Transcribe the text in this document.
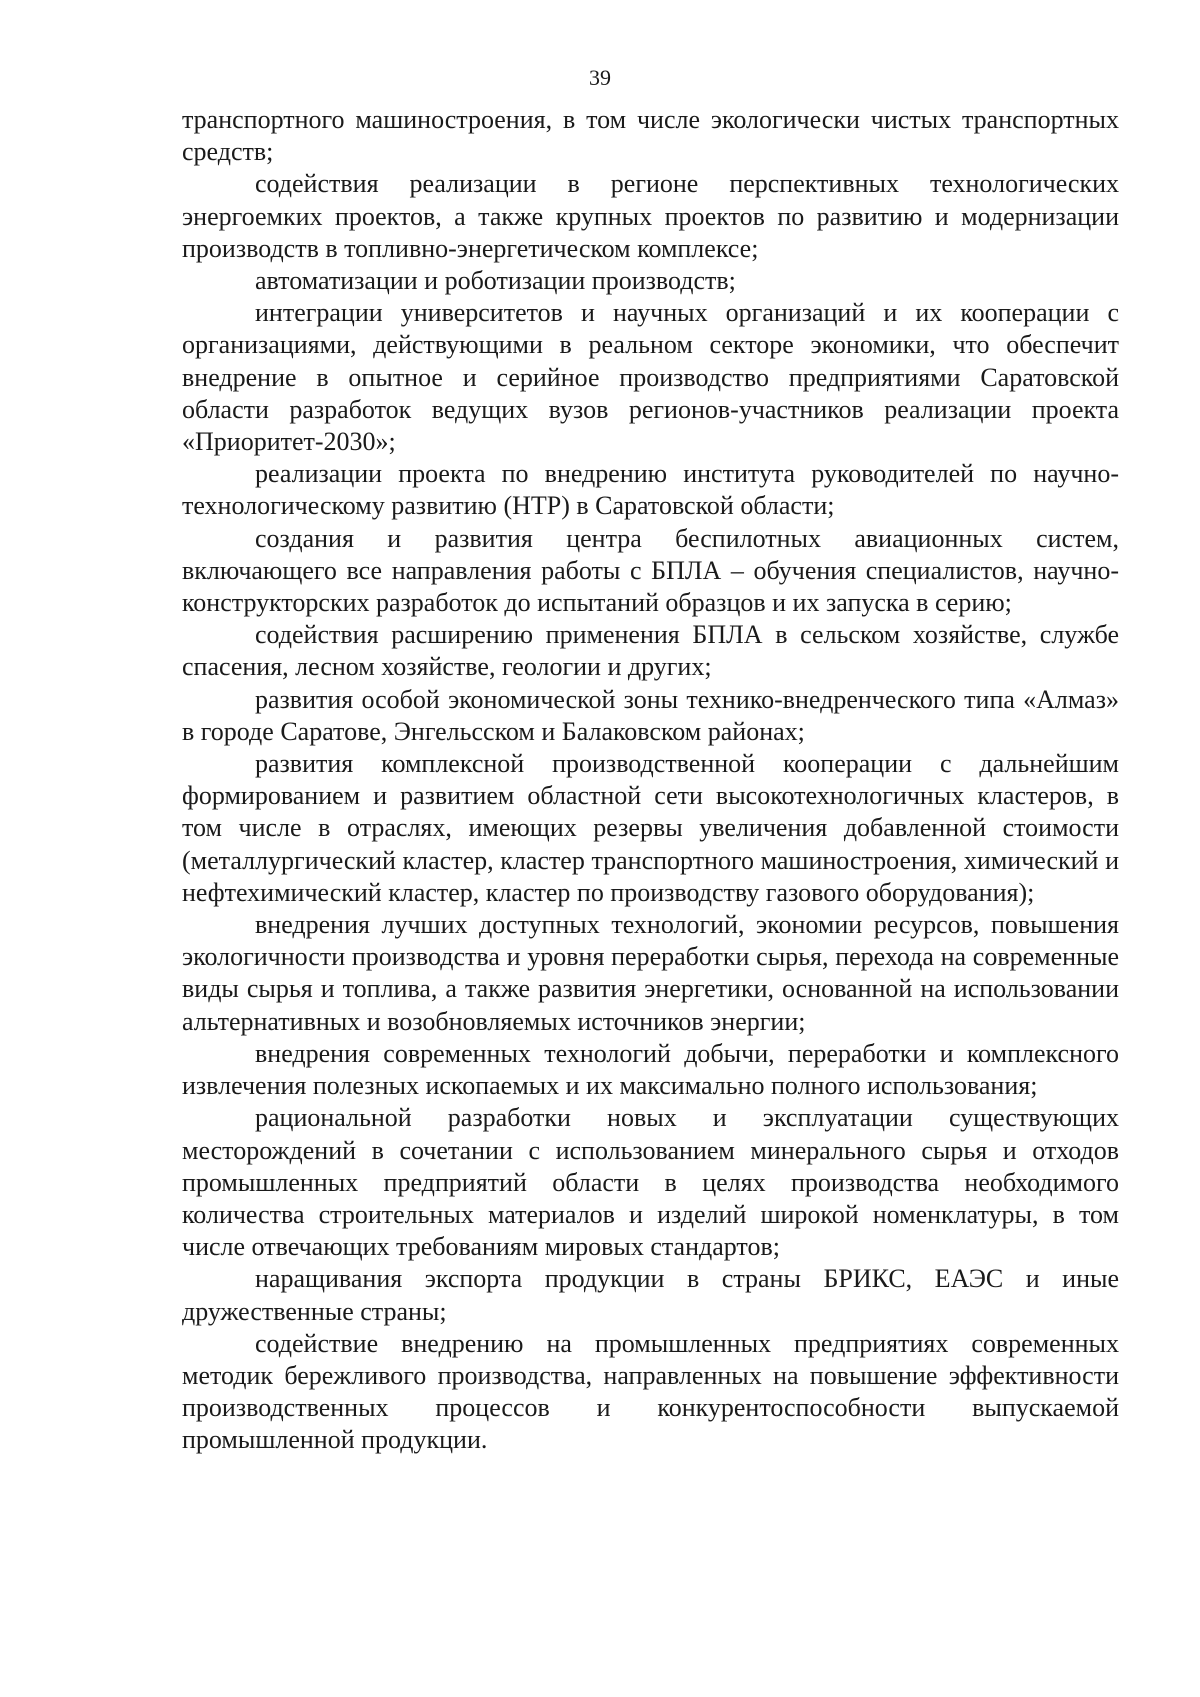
39

транспортного машиностроения, в том числе экологически чистых транспортных средств;

содействия реализации в регионе перспективных технологических энергоемких проектов, а также крупных проектов по развитию и модернизации производств в топливно-энергетическом комплексе;

автоматизации и роботизации производств;

интеграции университетов и научных организаций и их кооперации с организациями, действующими в реальном секторе экономики, что обеспечит внедрение в опытное и серийное производство предприятиями Саратовской области разработок ведущих вузов регионов-участников реализации проекта «Приоритет-2030»;

реализации проекта по внедрению института руководителей по научно-технологическому развитию (НТР) в Саратовской области;

создания и развития центра беспилотных авиационных систем, включающего все направления работы с БПЛА – обучения специалистов, научно-конструкторских разработок до испытаний образцов и их запуска в серию;

содействия расширению применения БПЛА в сельском хозяйстве, службе спасения, лесном хозяйстве, геологии и других;

развития особой экономической зоны технико-внедренческого типа «Алмаз» в городе Саратове, Энгельсском и Балаковском районах;

развития комплексной производственной кооперации с дальнейшим формированием и развитием областной сети высокотехнологичных кластеров, в том числе в отраслях, имеющих резервы увеличения добавленной стоимости (металлургический кластер, кластер транспортного машиностроения, химический и нефтехимический кластер, кластер по производству газового оборудования);

внедрения лучших доступных технологий, экономии ресурсов, повышения экологичности производства и уровня переработки сырья, перехода на современные виды сырья и топлива, а также развития энергетики, основанной на использовании альтернативных и возобновляемых источников энергии;

внедрения современных технологий добычи, переработки и комплексного извлечения полезных ископаемых и их максимально полного использования;

рациональной разработки новых и эксплуатации существующих месторождений в сочетании с использованием минерального сырья и отходов промышленных предприятий области в целях производства необходимого количества строительных материалов и изделий широкой номенклатуры, в том числе отвечающих требованиям мировых стандартов;

наращивания экспорта продукции в страны БРИКС, ЕАЭС и иные дружественные страны;

содействие внедрению на промышленных предприятиях современных методик бережливого производства, направленных на повышение эффективности производственных процессов и конкурентоспособности выпускаемой промышленной продукции.
